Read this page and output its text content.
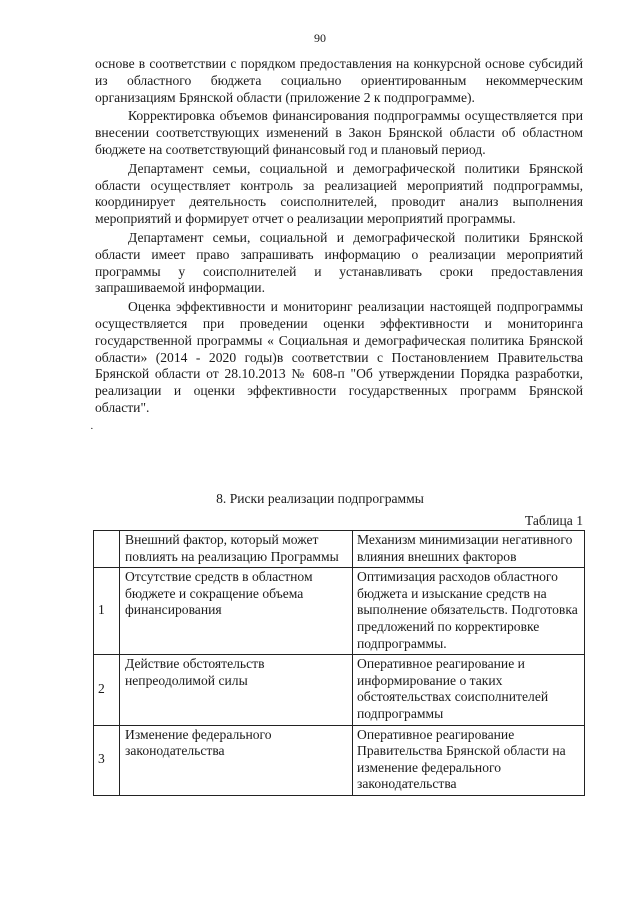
90

основе в соответствии с порядком предоставления на конкурсной основе субсидий из областного бюджета социально ориентированным некоммерческим организациям Брянской области (приложение 2 к подпрограмме).

Корректировка объемов финансирования подпрограммы осуществляется при внесении соответствующих изменений в Закон Брянской области об областном бюджете на соответствующий финансовый год и плановый период.

Департамент семьи, социальной и демографической политики Брянской области осуществляет контроль за реализацией мероприятий подпрограммы, координирует деятельность соисполнителей, проводит анализ выполнения мероприятий и формирует отчет о реализации мероприятий программы.

Департамент семьи, социальной и демографической политики Брянской области имеет право запрашивать информацию о реализации мероприятий программы у соисполнителей и устанавливать сроки предоставления запрашиваемой информации.

Оценка эффективности и мониторинг реализации настоящей подпрограммы осуществляется при проведении оценки эффективности и мониторинга государственной программы « Социальная и демографическая политика Брянской области» (2014 - 2020 годы)в соответствии с Постановлением Правительства Брянской области от 28.10.2013 № 608-п "Об утверждении Порядка разработки, реализации и оценки эффективности государственных программ Брянской области".

·
8. Риски реализации подпрограммы
Таблица 1
	Внешний фактор, который может повлиять на реализацию Программы	Механизм минимизации негативного влияния внешних факторов
1	Отсутствие средств в областном бюджете и сокращение объема финансирования	Оптимизация расходов областного бюджета и изыскание средств на выполнение обязательств. Подготовка предложений по корректировке подпрограммы.
2	Действие обстоятельств непреодолимой силы	Оперативное реагирование и информирование о таких обстоятельствах соисполнителей подпрограммы
3	Изменение федерального законодательства	Оперативное реагирование Правительства Брянской области на изменение федерального законодательства
